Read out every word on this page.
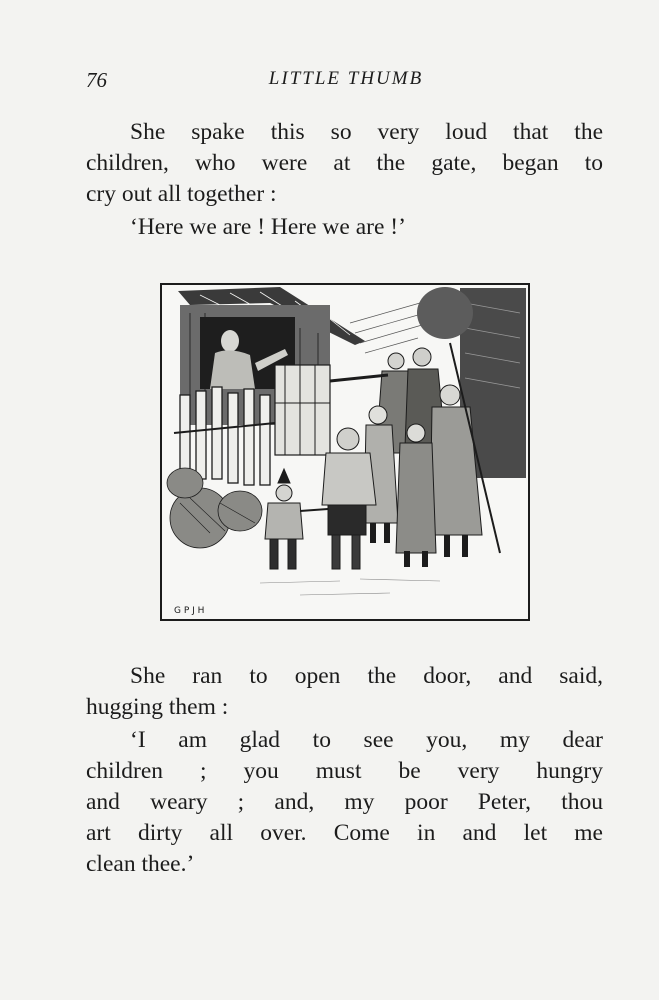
76	LITTLE THUMB

She spake this so very loud that the
children, who were at the gate, began to
cry out all together :

‘Here we are ! Here we are !’

G P J H

She ran to open the door, and said,
hugging them :

‘I am glad to see you, my dear
children ; you must be very hungry
and weary ; and, my poor Peter, thou
art dirty all over. Come in and let me
clean thee.’
